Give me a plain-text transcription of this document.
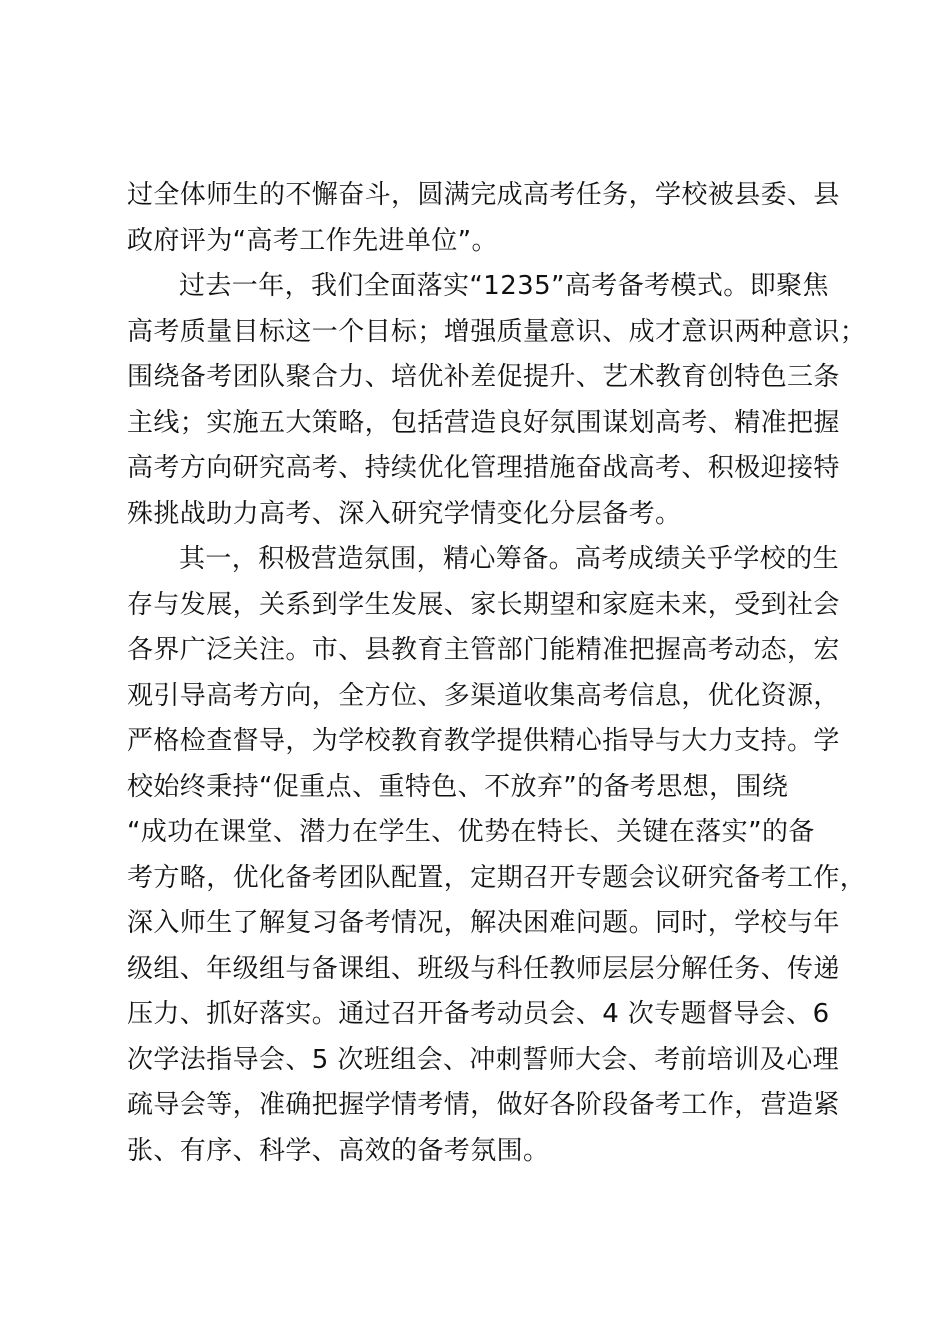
过全体师生的不懈奋斗，圆满完成高考任务，学校被县委、县
政府评为“高考工作先进单位”。
过去一年，我们全面落实“1235”高考备考模式。即聚焦
高考质量目标这一个目标；增强质量意识、成才意识两种意识；
围绕备考团队聚合力、培优补差促提升、艺术教育创特色三条
主线；实施五大策略，包括营造良好氛围谋划高考、精准把握
高考方向研究高考、持续优化管理措施奋战高考、积极迎接特
殊挑战助力高考、深入研究学情变化分层备考。
其一，积极营造氛围，精心筹备。高考成绩关乎学校的生
存与发展，关系到学生发展、家长期望和家庭未来，受到社会
各界广泛关注。市、县教育主管部门能精准把握高考动态，宏
观引导高考方向，全方位、多渠道收集高考信息，优化资源，
严格检查督导，为学校教育教学提供精心指导与大力支持。学
校始终秉持“促重点、重特色、不放弃”的备考思想，围绕
“成功在课堂、潜力在学生、优势在特长、关键在落实”的备
考方略，优化备考团队配置，定期召开专题会议研究备考工作，
深入师生了解复习备考情况，解决困难问题。同时，学校与年
级组、年级组与备课组、班级与科任教师层层分解任务、传递
压力、抓好落实。通过召开备考动员会、4 次专题督导会、6
次学法指导会、5 次班组会、冲刺誓师大会、考前培训及心理
疏导会等，准确把握学情考情，做好各阶段备考工作，营造紧
张、有序、科学、高效的备考氛围。
